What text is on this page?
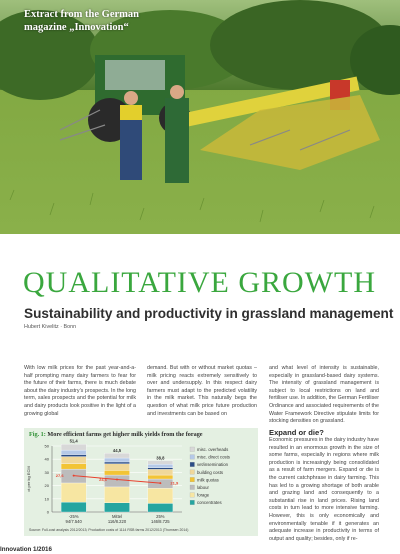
Extract from the German
magazine „Innovation“
QUALITATIVE GROWTH
Sustainability and productivity in grassland management
Hubert Kivelitz · Bonn
With low milk prices for the past year-and-a-half prompting many dairy farmers to fear for the future of their farms, there is much debate about the dairy industry’s prospects. In the long term, sales prospects and the potential for milk and dairy products look positive in the light of a growing global
demand. But with or without market quotas – milk pricing reacts extremely sensitively to over and undersupply. In this respect dairy farmers must adapt to the predicted volatility in the milk market. This naturally begs the question of what milk price future production and investments can be based on
and what level of intensity is sustainable, especially in grassland-based dairy systems. The intensity of grassland management is subject to local restrictions on land and fertiliser use. In addition, the German Fertiliser Ordinance and associated requirements of the Water Framework Directive stipulate limits for stocking densities on grassland.
Expand or die?
Economic pressures in the dairy industry have resulted in an enormous growth in the size of some farms, especially in regions where milk production is increasingly being consolidated as a result of farm mergers. Expand or die is the current catchphrase in dairy farming. This has led to a growing shortage of both arable and grazing land and consequently to a substantial rise in land prices. Rising land costs in turn lead to more intensive farming. However, this is only economically and environmentally tenable if it generates an adequate increase in productivity in terms of output and quality; besides, only if re-
Fig. 1: More efficient farms get higher milk yields from the forage
ct per kg ECM
0
10
20
30
40
50
51,4
-25%
94/7.540
44,5
Mittel
116/8.220
38,8
25%
146/8.725
27,6
24,6
21,9
misc. overheads
misc. direct costs
vet/insemination
building costs
milk quotas
labour
forage
concentrates
Source: Full-cost analysis 2012/2013; Production costs of 1114 RSB farms 2012/2013 (Thomsen 2014)
Innovation 1/2016
